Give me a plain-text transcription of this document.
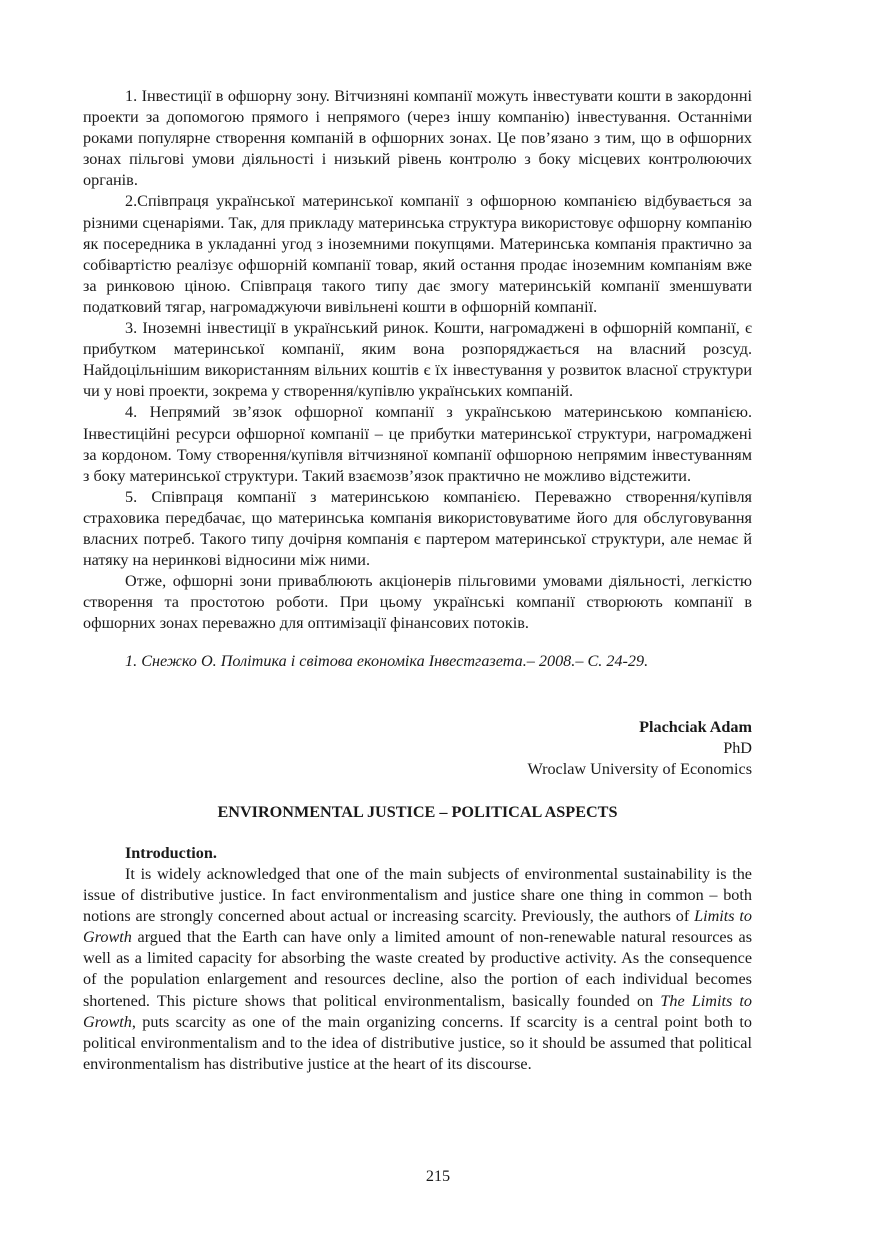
1. Інвестиції в офшорну зону. Вітчизняні компанії можуть інвестувати кошти в закордонні проекти за допомогою прямого і непрямого (через іншу компанію) інвестування. Останніми роками популярне створення компаній в офшорних зонах. Це пов’язано з тим, що в офшорних зонах пільгові умови діяльності і низький рівень контролю з боку місцевих контролюючих органів.

2.Співпраця української материнської компанії з офшорною компанією відбувається за різними сценаріями. Так, для прикладу материнська структура використовує офшорну компанію як посередника в укладанні угод з іноземними покупцями. Материнська компанія практично за собівартістю реалізує офшорній компанії товар, який остання продає іноземним компаніям вже за ринковою ціною. Співпраця такого типу дає змогу материнській компанії зменшувати податковий тягар, нагромаджуючи вивільнені кошти в офшорній компанії.

3. Іноземні інвестиції в український ринок. Кошти, нагромаджені в офшорній компанії, є прибутком материнської компанії, яким вона розпоряджається на власний розсуд. Найдоцільнішим використанням вільних коштів є їх інвестування у розвиток власної структури чи у нові проекти, зокрема у створення/купівлю українських компаній.

4. Непрямий зв’язок офшорної компанії з українською материнською компанією. Інвестиційні ресурси офшорної компанії – це прибутки материнської структури, нагромаджені за кордоном. Тому створення/купівля вітчизняної компанії офшорною непрямим інвестуванням з боку материнської структури. Такий взаємозв’язок практично не можливо відстежити.

5. Співпраця компанії з материнською компанією. Переважно створення/купівля страховика передбачає, що материнська компанія використовуватиме його для обслуговування власних потреб. Такого типу дочірня компанія є партером материнської структури, але немає й натяку на неринкові відносини між ними.

Отже, офшорні зони приваблюють акціонерів пільговими умовами діяльності, легкістю створення та простотою роботи. При цьому українські компанії створюють компанії в офшорних зонах переважно для оптимізації фінансових потоків.

1. Снежко О. Політика і світова економіка Інвестгазета.– 2008.– С. 24-29.

Plachciak Adam
PhD
Wroclaw University of Economics
ENVIRONMENTAL JUSTICE – POLITICAL ASPECTS

Introduction.

It is widely acknowledged that one of the main subjects of environmental sustainability is the issue of distributive justice. In fact environmentalism and justice share one thing in common – both notions are strongly concerned about actual or increasing scarcity. Previously, the authors of Limits to Growth argued that the Earth can have only a limited amount of non-renewable natural resources as well as a limited capacity for absorbing the waste created by productive activity. As the consequence of the population enlargement and resources decline, also the portion of each individual becomes shortened. This picture shows that political environmentalism, basically founded on The Limits to Growth, puts scarcity as one of the main organizing concerns. If scarcity is a central point both to political environmentalism and to the idea of distributive justice, so it should be assumed that political environmentalism has distributive justice at the heart of its discourse.

215
